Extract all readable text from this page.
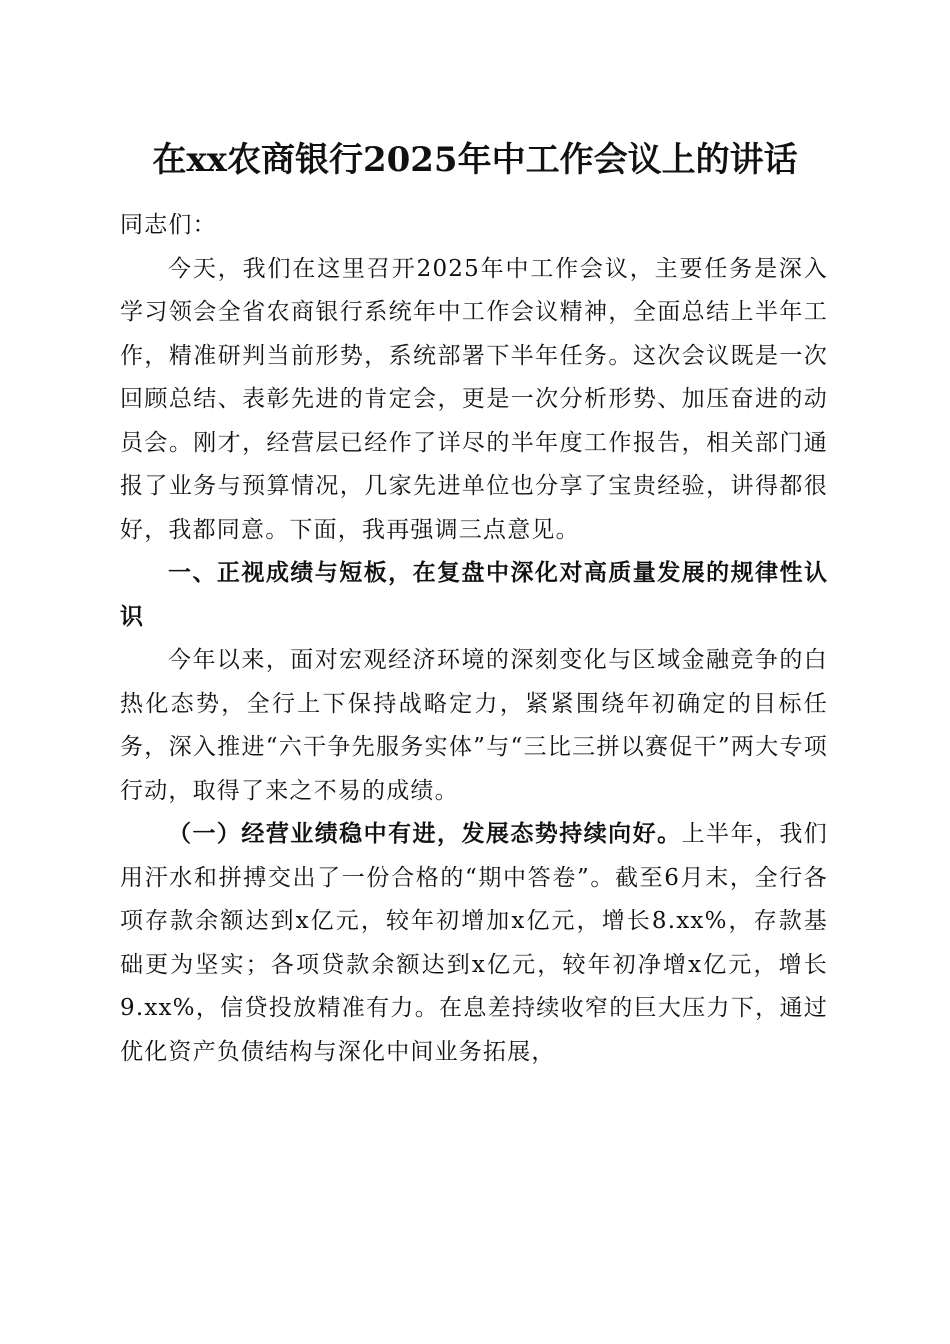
在xx农商银行2025年中工作会议上的讲话

同志们：

今天，我们在这里召开2025年中工作会议，主要任务是深入学习领会全省农商银行系统年中工作会议精神，全面总结上半年工作，精准研判当前形势，系统部署下半年任务。这次会议既是一次回顾总结、表彰先进的肯定会，更是一次分析形势、加压奋进的动员会。刚才，经营层已经作了详尽的半年度工作报告，相关部门通报了业务与预算情况，几家先进单位也分享了宝贵经验，讲得都很好，我都同意。下面，我再强调三点意见。

一、正视成绩与短板，在复盘中深化对高质量发展的规律性认识

今年以来，面对宏观经济环境的深刻变化与区域金融竞争的白热化态势，全行上下保持战略定力，紧紧围绕年初确定的目标任务，深入推进“六干争先服务实体”与“三比三拼以赛促干”两大专项行动，取得了来之不易的成绩。

（一）经营业绩稳中有进，发展态势持续向好。上半年，我们用汗水和拼搏交出了一份合格的“期中答卷”。截至6月末，全行各项存款余额达到x亿元，较年初增加x亿元，增长8.xx%，存款基础更为坚实；各项贷款余额达到x亿元，较年初净增x亿元，增长9.xx%，信贷投放精准有力。在息差持续收窄的巨大压力下，通过优化资产负债结构与深化中间业务拓展，
